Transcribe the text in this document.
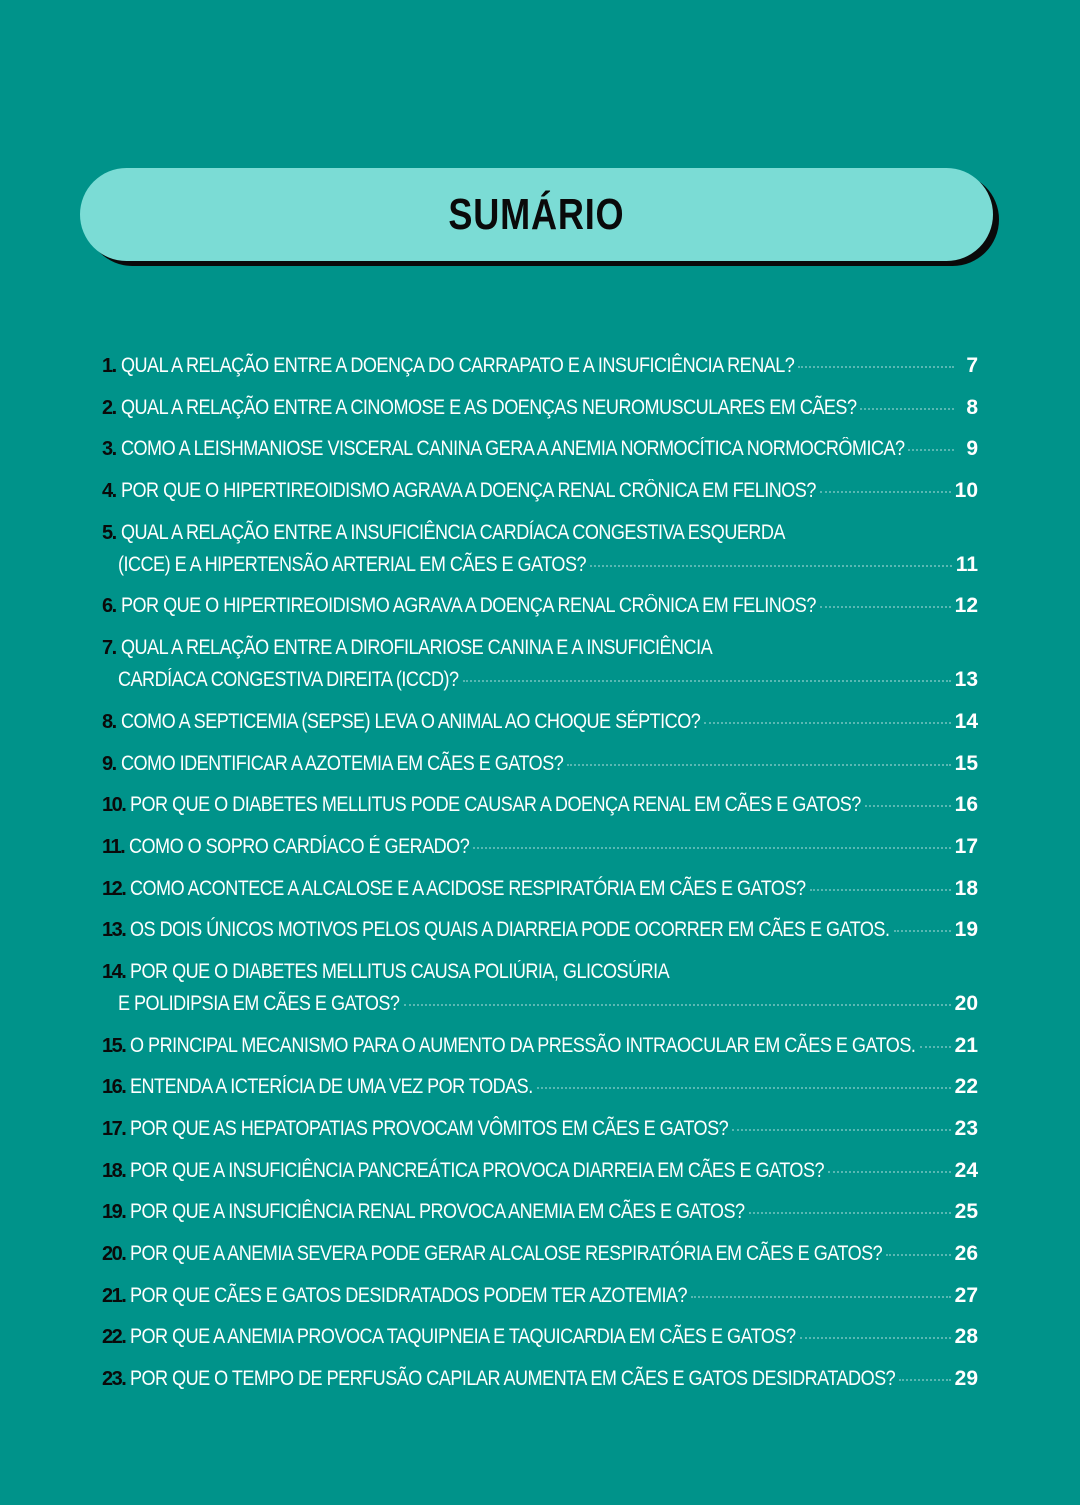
SUMÁRIO
1. QUAL A RELAÇÃO ENTRE A DOENÇA DO CARRAPATO E A INSUFICIÊNCIA RENAL?	7
2. QUAL A RELAÇÃO ENTRE A CINOMOSE E AS DOENÇAS NEUROMUSCULARES EM CÃES?	8
3. COMO A LEISHMANIOSE VISCERAL CANINA GERA A ANEMIA NORMOCÍTICA NORMOCRÔMICA?	9
4. POR QUE O HIPERTIREOIDISMO AGRAVA A DOENÇA RENAL CRÔNICA EM FELINOS?	10
5. QUAL A RELAÇÃO ENTRE A INSUFICIÊNCIA CARDÍACA CONGESTIVA ESQUERDA
(ICCE) E A HIPERTENSÃO ARTERIAL EM CÃES E GATOS?	11
6. POR QUE O HIPERTIREOIDISMO AGRAVA A DOENÇA RENAL CRÔNICA EM FELINOS?	12
7. QUAL A RELAÇÃO ENTRE A DIROFILARIOSE CANINA E A INSUFICIÊNCIA
CARDÍACA CONGESTIVA DIREITA (ICCD)?	13
8. COMO A SEPTICEMIA (SEPSE) LEVA O ANIMAL AO CHOQUE SÉPTICO?	14
9. COMO IDENTIFICAR A AZOTEMIA EM CÃES E GATOS?	15
10. POR QUE O DIABETES MELLITUS PODE CAUSAR A DOENÇA RENAL EM CÃES E GATOS?	16
11. COMO O SOPRO CARDÍACO É GERADO?	17
12. COMO ACONTECE A ALCALOSE E A ACIDOSE RESPIRATÓRIA EM CÃES E GATOS?	18
13. OS DOIS ÚNICOS MOTIVOS PELOS QUAIS A DIARREIA PODE OCORRER EM CÃES E GATOS.	19
14. POR QUE O DIABETES MELLITUS CAUSA POLIÚRIA, GLICOSÚRIA
E POLIDIPSIA EM CÃES E GATOS?	20
15. O PRINCIPAL MECANISMO PARA O AUMENTO DA PRESSÃO INTRAOCULAR EM CÃES E GATOS. 21
16. ENTENDA A ICTERÍCIA DE UMA VEZ POR TODAS.	22
17. POR QUE AS HEPATOPATIAS PROVOCAM VÔMITOS EM CÃES E GATOS?	23
18. POR QUE A INSUFICIÊNCIA PANCREÁTICA PROVOCA DIARREIA EM CÃES E GATOS?	24
19. POR QUE A INSUFICIÊNCIA RENAL PROVOCA ANEMIA EM CÃES E GATOS?	25
20. POR QUE A ANEMIA SEVERA PODE GERAR ALCALOSE RESPIRATÓRIA EM CÃES E GATOS?	26
21. POR QUE CÃES E GATOS DESIDRATADOS PODEM TER AZOTEMIA?	27
22. POR QUE A ANEMIA PROVOCA TAQUIPNEIA E TAQUICARDIA EM CÃES E GATOS?	28
23. POR QUE O TEMPO DE PERFUSÃO CAPILAR AUMENTA EM CÃES E GATOS DESIDRATADOS?	29
